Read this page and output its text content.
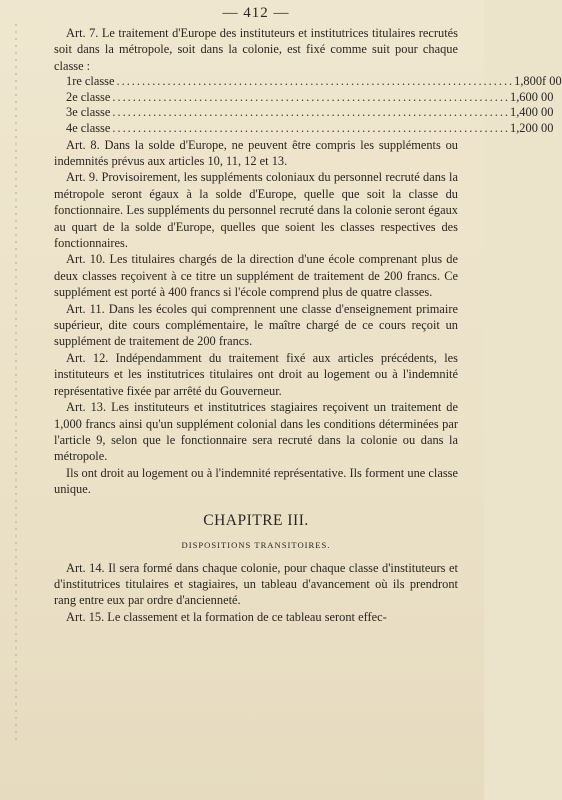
— 412 —

Art. 7. Le traitement d'Europe des instituteurs et institutrices titulaires recrutés soit dans la métropole, soit dans la colonie, est fixé comme suit pour chaque classe :

1re classe .............................................................................. 1,800f 00
2e classe .............................................................................. 1,600 00
3e classe .............................................................................. 1,400 00
4e classe .............................................................................. 1,200 00

Art. 8. Dans la solde d'Europe, ne peuvent être compris les suppléments ou indemnités prévus aux articles 10, 11, 12 et 13.

Art. 9. Provisoirement, les suppléments coloniaux du personnel recruté dans la métropole seront égaux à la solde d'Europe, quelle que soit la classe du fonctionnaire. Les suppléments du personnel recruté dans la colonie seront égaux au quart de la solde d'Europe, quelles que soient les classes respectives des fonctionnaires.

Art. 10. Les titulaires chargés de la direction d'une école comprenant plus de deux classes reçoivent à ce titre un supplément de traitement de 200 francs. Ce supplément est porté à 400 francs si l'école comprend plus de quatre classes.

Art. 11. Dans les écoles qui comprennent une classe d'enseignement primaire supérieur, dite cours complémentaire, le maître chargé de ce cours reçoit un supplément de traitement de 200 francs.

Art. 12. Indépendamment du traitement fixé aux articles précédents, les instituteurs et les institutrices titulaires ont droit au logement ou à l'indemnité représentative fixée par arrêté du Gouverneur.

Art. 13. Les instituteurs et institutrices stagiaires reçoivent un traitement de 1,000 francs ainsi qu'un supplément colonial dans les conditions déterminées par l'article 9, selon que le fonctionnaire sera recruté dans la colonie ou dans la métropole.

Ils ont droit au logement ou à l'indemnité représentative. Ils forment une classe unique.

CHAPITRE III.
DISPOSITIONS TRANSITOIRES.

Art. 14. Il sera formé dans chaque colonie, pour chaque classe d'instituteurs et d'institutrices titulaires et stagiaires, un tableau d'avancement où ils prendront rang entre eux par ordre d'ancienneté.

Art. 15. Le classement et la formation de ce tableau seront effec-
